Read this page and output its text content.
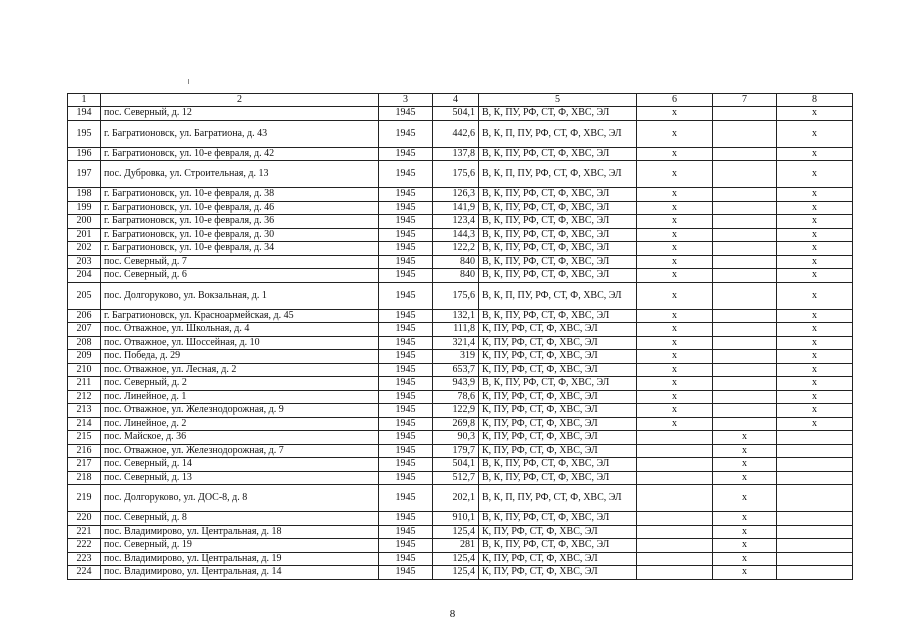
1	2	3	4	5	6	7	8
194	пос. Северный, д. 12	1945	504,1	В, К, ПУ, РФ, СТ, Ф, ХВС, ЭЛ	х		х
195	г. Багратионовск, ул. Багратиона, д. 43	1945	442,6	В, К, П, ПУ, РФ, СТ, Ф, ХВС, ЭЛ	х		х
196	г. Багратионовск, ул. 10-е февраля, д. 42	1945	137,8	В, К, ПУ, РФ, СТ, Ф, ХВС, ЭЛ	х		х
197	пос. Дубровка, ул. Строительная, д. 13	1945	175,6	В, К, П, ПУ, РФ, СТ, Ф, ХВС, ЭЛ	х		х
198	г. Багратионовск, ул. 10-е февраля, д. 38	1945	126,3	В, К, ПУ, РФ, СТ, Ф, ХВС, ЭЛ	х		х
199	г. Багратионовск, ул. 10-е февраля, д. 46	1945	141,9	В, К, ПУ, РФ, СТ, Ф, ХВС, ЭЛ	х		х
200	г. Багратионовск, ул. 10-е февраля, д. 36	1945	123,4	В, К, ПУ, РФ, СТ, Ф, ХВС, ЭЛ	х		х
201	г. Багратионовск, ул. 10-е февраля, д. 30	1945	144,3	В, К, ПУ, РФ, СТ, Ф, ХВС, ЭЛ	х		х
202	г. Багратионовск, ул. 10-е февраля, д. 34	1945	122,2	В, К, ПУ, РФ, СТ, Ф, ХВС, ЭЛ	х		х
203	пос. Северный, д. 7	1945	840	В, К, ПУ, РФ, СТ, Ф, ХВС, ЭЛ	х		х
204	пос. Северный, д. 6	1945	840	В, К, ПУ, РФ, СТ, Ф, ХВС, ЭЛ	х		х
205	пос. Долгоруково, ул. Вокзальная, д. 1	1945	175,6	В, К, П, ПУ, РФ, СТ, Ф, ХВС, ЭЛ	х		х
206	г. Багратионовск, ул. Красноармейская, д. 45	1945	132,1	В, К, ПУ, РФ, СТ, Ф, ХВС, ЭЛ	х		х
207	пос. Отважное, ул. Школьная, д. 4	1945	111,8	К, ПУ, РФ, СТ, Ф, ХВС, ЭЛ	х		х
208	пос. Отважное, ул. Шоссейная, д. 10	1945	321,4	К, ПУ, РФ, СТ, Ф, ХВС, ЭЛ	х		х
209	пос. Победа, д. 29	1945	319	К, ПУ, РФ, СТ, Ф, ХВС, ЭЛ	х		х
210	пос. Отважное, ул. Лесная, д. 2	1945	653,7	К, ПУ, РФ, СТ, Ф, ХВС, ЭЛ	х		х
211	пос. Северный, д. 2	1945	943,9	В, К, ПУ, РФ, СТ, Ф, ХВС, ЭЛ	х		х
212	пос. Линейное, д. 1	1945	78,6	К, ПУ, РФ, СТ, Ф, ХВС, ЭЛ	х		х
213	пос. Отважное, ул. Железнодорожная, д. 9	1945	122,9	К, ПУ, РФ, СТ, Ф, ХВС, ЭЛ	х		х
214	пос. Линейное, д. 2	1945	269,8	К, ПУ, РФ, СТ, Ф, ХВС, ЭЛ	х		х
215	пос. Майское, д. 36	1945	90,3	К, ПУ, РФ, СТ, Ф, ХВС, ЭЛ		х	
216	пос. Отважное, ул. Железнодорожная, д. 7	1945	179,7	К, ПУ, РФ, СТ, Ф, ХВС, ЭЛ		х	
217	пос. Северный, д. 14	1945	504,1	В, К, ПУ, РФ, СТ, Ф, ХВС, ЭЛ		х	
218	пос. Северный, д. 13	1945	512,7	В, К, ПУ, РФ, СТ, Ф, ХВС, ЭЛ		х	
219	пос. Долгоруково, ул. ДОС-8, д. 8	1945	202,1	В, К, П, ПУ, РФ, СТ, Ф, ХВС, ЭЛ		х	
220	пос. Северный, д. 8	1945	910,1	В, К, ПУ, РФ, СТ, Ф, ХВС, ЭЛ		х	
221	пос. Владимирово, ул. Центральная, д. 18	1945	125,4	К, ПУ, РФ, СТ, Ф, ХВС, ЭЛ		х	
222	пос. Северный, д. 19	1945	281	В, К, ПУ, РФ, СТ, Ф, ХВС, ЭЛ		х	
223	пос. Владимирово, ул. Центральная, д. 19	1945	125,4	К, ПУ, РФ, СТ, Ф, ХВС, ЭЛ		х	
224	пос. Владимирово, ул. Центральная, д. 14	1945	125,4	К, ПУ, РФ, СТ, Ф, ХВС, ЭЛ		х	
8
